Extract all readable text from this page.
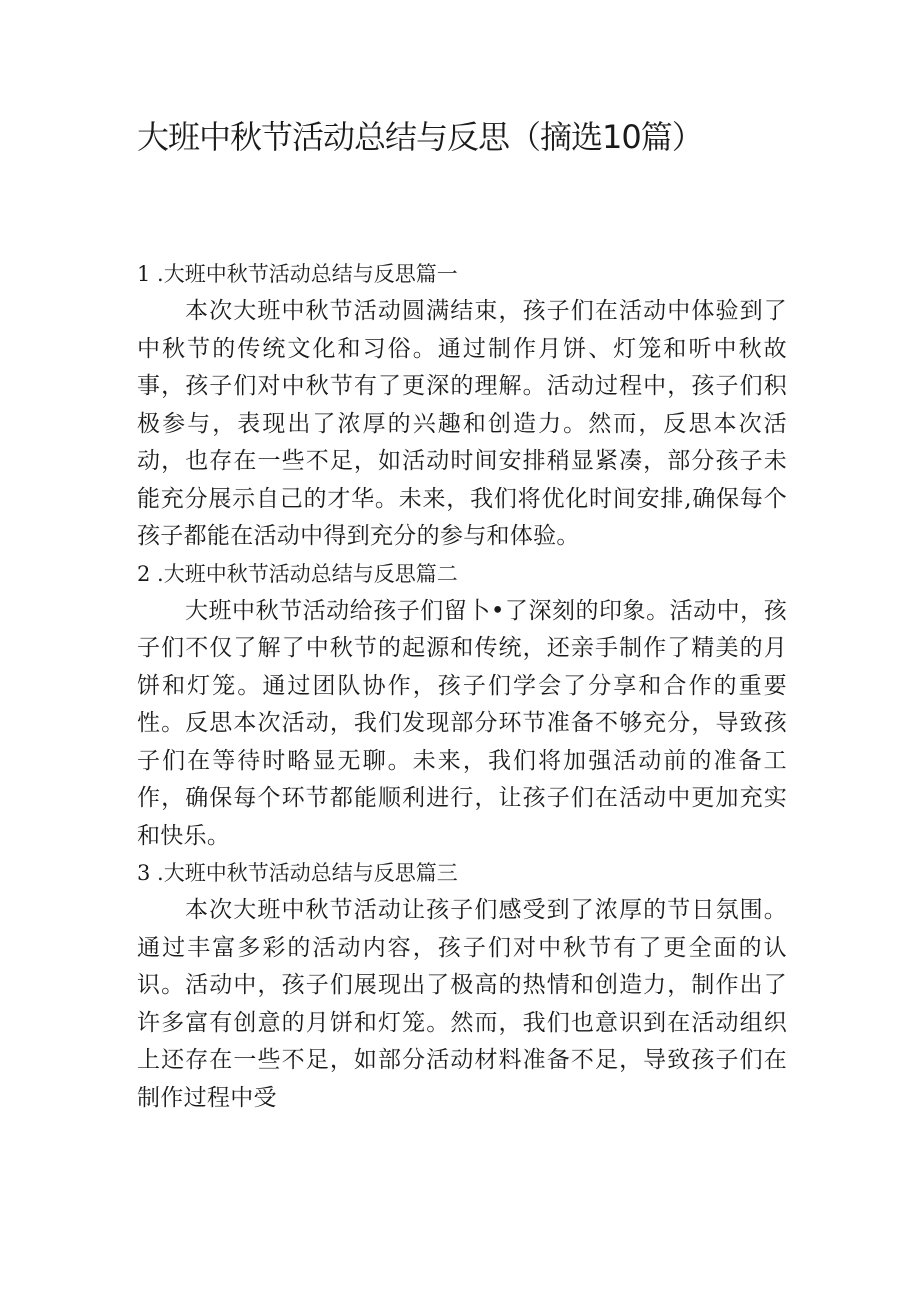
大班中秋节活动总结与反思（摘选10篇）

1 .大班中秋节活动总结与反思篇一

本次大班中秋节活动圆满结束，孩子们在活动中体验到了中秋节的传统文化和习俗。通过制作月饼、灯笼和听中秋故事，孩子们对中秋节有了更深的理解。活动过程中，孩子们积极参与，表现出了浓厚的兴趣和创造力。然而，反思本次活动，也存在一些不足，如活动时间安排稍显紧凑，部分孩子未能充分展示自己的才华。未来，我们将优化时间安排,确保每个孩子都能在活动中得到充分的参与和体验。

2 .大班中秋节活动总结与反思篇二

大班中秋节活动给孩子们留卜•了深刻的印象。活动中，孩子们不仅了解了中秋节的起源和传统，还亲手制作了精美的月饼和灯笼。通过团队协作，孩子们学会了分享和合作的重要性。反思本次活动，我们发现部分环节准备不够充分，导致孩子们在等待时略显无聊。未来，我们将加强活动前的准备工作，确保每个环节都能顺利进行，让孩子们在活动中更加充实和快乐。

3 .大班中秋节活动总结与反思篇三

本次大班中秋节活动让孩子们感受到了浓厚的节日氛围。通过丰富多彩的活动内容，孩子们对中秋节有了更全面的认识。活动中，孩子们展现出了极高的热情和创造力，制作出了许多富有创意的月饼和灯笼。然而，我们也意识到在活动组织上还存在一些不足，如部分活动材料准备不足，导致孩子们在制作过程中受
